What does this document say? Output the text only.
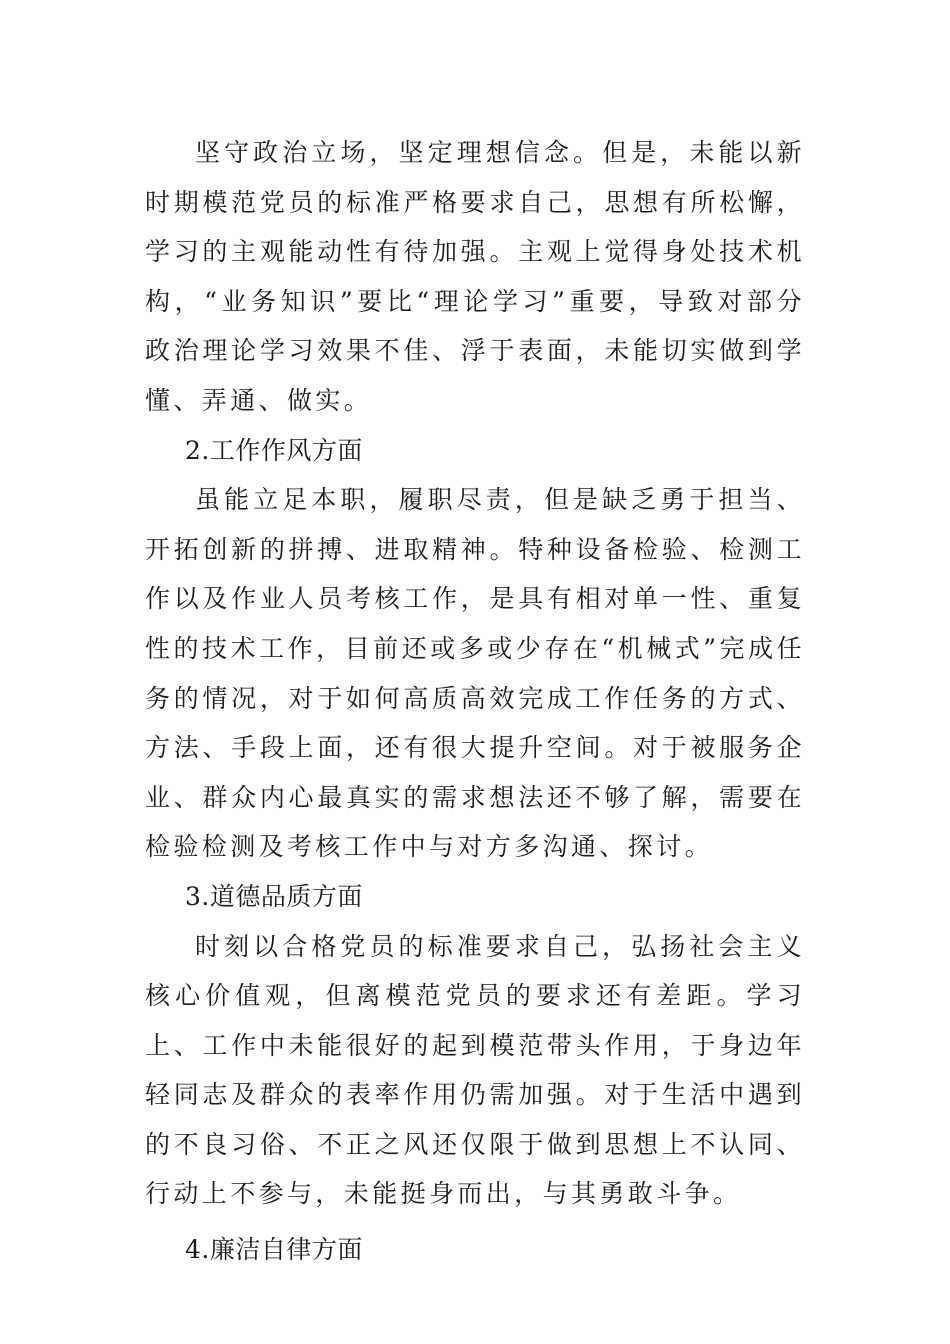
坚守政治立场，坚定理想信念。但是，未能以新时期模范党员的标准严格要求自己，思想有所松懈，学习的主观能动性有待加强。主观上觉得身处技术机构，“业务知识”要比“理论学习”重要，导致对部分政治理论学习效果不佳、浮于表面，未能切实做到学懂、弄通、做实。

2.工作作风方面

虽能立足本职，履职尽责，但是缺乏勇于担当、开拓创新的拼搏、进取精神。特种设备检验、检测工作以及作业人员考核工作，是具有相对单一性、重复性的技术工作，目前还或多或少存在“机械式”完成任务的情况，对于如何高质高效完成工作任务的方式、方法、手段上面，还有很大提升空间。对于被服务企业、群众内心最真实的需求想法还不够了解，需要在检验检测及考核工作中与对方多沟通、探讨。

3.道德品质方面

时刻以合格党员的标准要求自己，弘扬社会主义核心价值观，但离模范党员的要求还有差距。学习上、工作中未能很好的起到模范带头作用，于身边年轻同志及群众的表率作用仍需加强。对于生活中遇到的不良习俗、不正之风还仅限于做到思想上不认同、行动上不参与，未能挺身而出，与其勇敢斗争。

4.廉洁自律方面
